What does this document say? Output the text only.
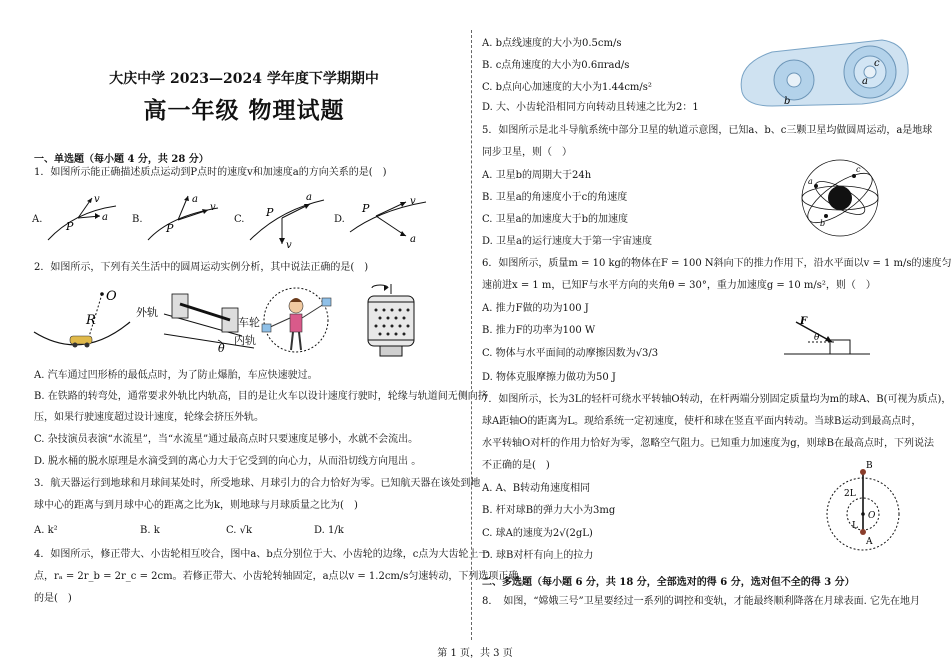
大庆中学 2023—2024 学年度下学期期中
高一年级 物理试题
一、单选题（每小题 4 分，共 28 分）
1．如图所示能正确描述质点运动到P点时的速度v和加速度a的方向关系的是(　)
A.
P
v
a B.
P
a
v
C.
P
a
v
D.
P
v
a
2．如图所示，下列有关生活中的圆周运动实例分析，其中说法正确的是(　)
O
R
外轨
θ
车轮
内轨
A. 汽车通过凹形桥的最低点时，为了防止爆胎，车应快速驶过。
B. 在铁路的转弯处，通常要求外轨比内轨高，目的是让火车以设计速度行驶时，轮缘与轨道间无侧向挤
压，如果行驶速度超过设计速度，轮缘会挤压外轨。
C. 杂技演员表演“水流星”，当“水流星”通过最高点时只要速度足够小，水就不会流出。
D. 脱水桶的脱水原理是水滴受到的离心力大于它受到的向心力，从而沿切线方向甩出 。
3．航天器运行到地球和月球间某处时，所受地球、月球引力的合力恰好为零。已知航天器在该处到地
球中心的距离与到月球中心的距离之比为k，则地球与月球质量之比为(　)
A. k²	B. k	C. √k	D. 1/k
4．如图所示，修正带大、小齿轮相互咬合，图中a、b点分别位于大、小齿轮的边缘，c点为大齿轮上一
点，rₐ = 2r_b = 2r_c = 2cm。若修正带大、小齿轮转轴固定，a点以v = 1.2cm/s匀速转动，下列选项正确
的是(　)
A. b点线速度的大小为0.5cm/s
B. c点角速度的大小为0.6πrad/s
C. b点向心加速度的大小为1.44cm/s²
D. 大、小齿轮沿相同方向转动且转速之比为2：1
b
a
c
5．如图所示是北斗导航系统中部分卫星的轨道示意图，已知a、b、c三颗卫星均做圆周运动，a是地球
同步卫星，则（　）
A. 卫星b的周期大于24h
B. 卫星a的角速度小于c的角速度
C. 卫星a的加速度大于b的加速度
D. 卫星a的运行速度大于第一宇宙速度
a
c
b
6．如图所示，质量m = 10 kg的物体在F = 100 N斜向下的推力作用下，沿水平面以v = 1 m/s的速度匀
速前进x = 1 m，已知F与水平方向的夹角θ = 30°，重力加速度g = 10 m/s²，则（　）
A. 推力F做的功为100 J
B. 推力F的功率为100 W
C. 物体与水平面间的动摩擦因数为√3/3
D. 物体克服摩擦力做功为50 J
F
θ
7．如图所示，长为3L的轻杆可绕水平转轴O转动，在杆两端分别固定质量均为m的球A、B(可视为质点)，
球A距轴O的距离为L。现给系统一定初速度，使杆和球在竖直平面内转动。当球B运动到最高点时，
水平转轴O对杆的作用力恰好为零，忽略空气阻力。已知重力加速度为g，则球B在最高点时，下列说法
不正确的是(　)
A. A、B转动角速度相同
B. 杆对球B的弹力大小为3mg
C. 球A的速度为2√(2gL)
D. 球B对杆有向上的拉力
B
2L
O
L
A
二、多选题（每小题 6 分，共 18 分，全部选对的得 6 分，选对但不全的得 3 分）
8．　如图，“嫦娥三号”卫星要经过一系列的调控和变轨，才能最终顺利降落在月球表面. 它先在地月
第 1 页，共 3 页
